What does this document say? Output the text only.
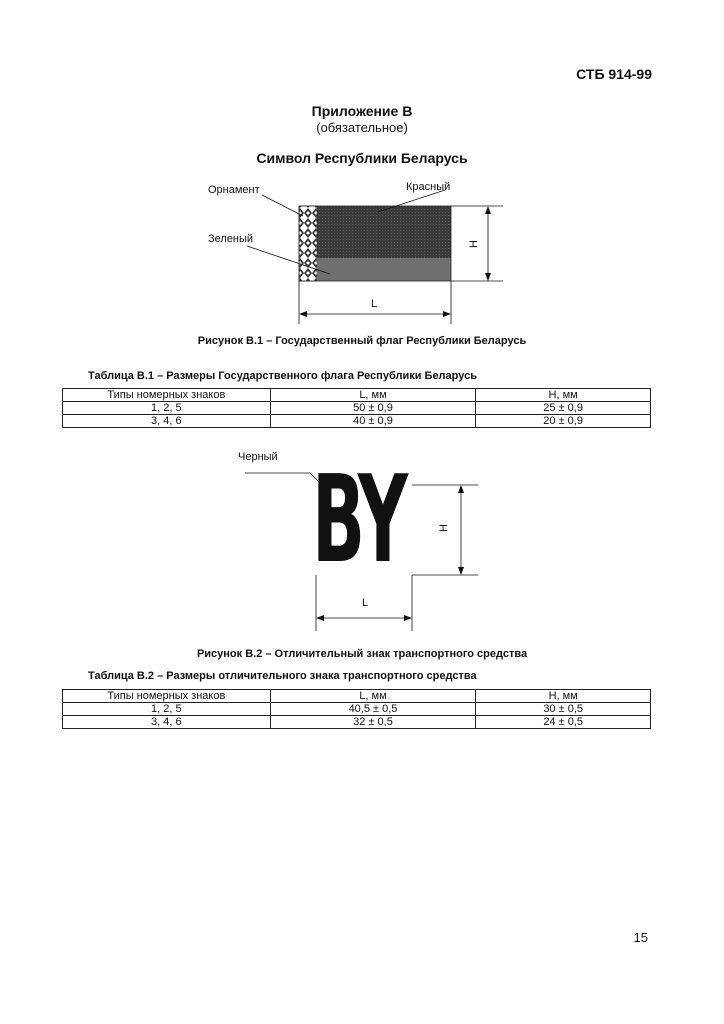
СТБ 914-99
Приложение В
(обязательное)
Символ Республики Беларусь
Орнамент	Красный
Зеленый	H
L
Рисунок В.1 – Государственный флаг Республики Беларусь
Таблица В.1 – Размеры Государственного флага Республики Беларусь
Типы номерных знаков	L, мм	H, мм
1, 2, 5	50 ± 0,9	25 ± 0,9
3, 4, 6	40 ± 0,9	20 ± 0,9
Черный BY	H
L
Рисунок В.2 – Отличительный знак транспортного средства
Таблица В.2 – Размеры отличительного знака транспортного средства
Типы номерных знаков	L, мм	H, мм
1, 2, 5	40,5 ± 0,5	30 ± 0,5
3, 4, 6	32 ± 0,5	24 ± 0,5
15
